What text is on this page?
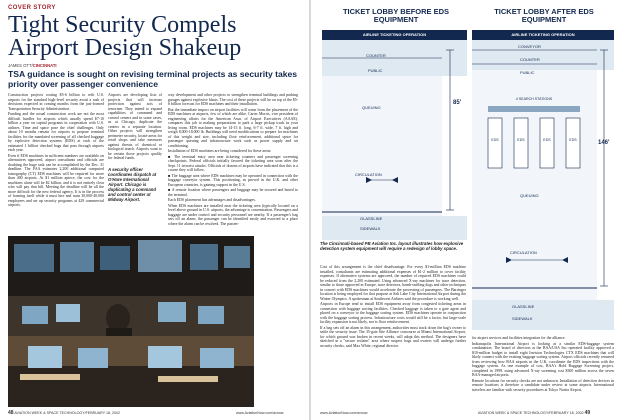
COVER STORY
Tight Security Compels Airport Design Shakeup
JAMES OTT/CINCINNATI

TSA guidance is sought on revising terminal projects as security takes priority over passenger convenience

Construction projects costing $5-6 billion to refit U.S. airports for the standard high-level security await a rash of decisions expected in coming months from the just-formed Transportation Security Administration.

Funding and the actual construction work are not the most difficult hurdles for airports which usually spend $7-10 billion a year on capital programs in cooperation with U.S. airlines. Time and space pose the chief challenges. Only about 10 months remain for airports to prepare terminal facilities for the mandated screening of all checked baggage by explosive detection systems (EDS) at each of the estimated 1 billion checked bags that pass through airports each year.

Even if EDS machines in sufficient numbers are available on alternatives approved, airport consultants and officials are doubting the huge task can be accomplished by the Dec. 31 deadline. The FAA estimates 2,200 additional computed tomography (CT) EDS machines will be required for more than 400 airports. At $1 million apiece, the cost for the machines alone will be $2 billion, and it is not entirely clear who will pay that bill. Meeting the deadline will be all the more difficult for the new federal agency. It is in the process of forming itself while it must hire and train 30,000-40,000 employees and set up security programs at 429 commercial airports.

Airports are developing lists of projects that will increase protection against acts of terrorism. They intend to expand capabilities of command and control centers and in some cases, as at Chicago, duplicate the centers in a separate location. Other projects will strengthen perimeter security, locate areas for retail shops and take measures against threats of chemical or biological attack. Airports want to be certain those projects qualify for federal funds.

A security officer coordinates dispatch at O'Hare International Airport. Chicago is duplicating a command and control center at Midway Airport.

way development and other projects to strengthen terminal buildings and parking garages against explosive blasts. The cost of these projects will be on top of the $5-6 billion forecast for EDS machines and their installation.

But the immediate impact on airport facilities will come from the placement of the EDS machines at airports, few of which are alike. Carter Morris, vice president of engineering affairs for the American Assn. of Airport Executives (AAAE), compares this job to making preparations to park a large pickup truck in your living room. EDS machines may be 14-15 ft. long, 6-7 ft. wide, 7 ft. high and weigh 8,000-18,000 lb. Buildings will need modifications to prepare for machines of this weight and size, including floor reinforcement, additional space for passenger queuing and infrastructure work such as power supply and air conditioning.

Installation of EDS machines are being considered for these areas:

■ The terminal entry area near ticketing counters and passenger screening checkpoints. Federal officials initially favored the ticketing area soon after the Sept. 11 terrorist attacks. Officials of dozens of airports have indicated that this is a course they will follow.

■ The baggage area where EDS machines may be operated in connection with the baggage conveyor system. This positioning, as proved in the U.K. and other European countries, is gaining support in the U.S.

■ A remote location where passengers and baggage may be secured and bused to the terminal.

Each EDS placement has advantages and disadvantages.

When EDS machines are installed near the ticketing area (typically located on a level above ground in U.S. airports, the advantage is concentration. Passengers and baggage are under control and security personnel are nearby. If a passenger's bag sets off an alarm, the passenger can be identified easily and escorted to a place where the alarm can be resolved. The passen-

48 AVIATION WEEK & SPACE TECHNOLOGY/FEBRUARY 18, 2002	www.AviationNow.com/avnow
TICKET LOBBY BEFORE EDS EQUIPMENT
AIRLINE TICKETING OPERATION
COUNTER
PUBLIC
QUEUING
CIRCULATION
GLASSLINE
SIDEWALK
85'

The Cincinnati-based PB Aviation Inc. layout illustrates how explosive detection system equipment will require a redesign of lobby space.

Cost of this arrangement is the chief disadvantage. For every $1-million EDS machine installed, consultants are estimating additional expenses of $1-2 million to cover facility expenses. If alternative systems are approved, the number of required EDS machines could be reduced from the 2,200 estimated. Using advanced X-ray machines for trace detection, similar to those approved in Europe, trace detectors, bomb-sniffing dogs and other techniques in concert with EDS machines would accelerate the processing of passengers. The Barringer location is being employed for that purpose at Salt Lake City International Airport during the Winter Olympics. A spokesman at Southwest Airlines said the procedure is working well.

Airports in Europe tend to install EDS equipment away from congested ticketing areas in connection with baggage sorting facilities. Checked baggage is taken to a gate agent and placed on a conveyor to the baggage sorting system. EDS machines operate in conjunction with the baggage sorting process. Infrastructure costs would still be a factor, but large-scale facility expansion is not likely, nor is floor reinforcement.

If a bag sets off an alarm in this arrangement, authorities must track down the bag's owner to settle the security issue. The 35-gate Site Alliance concourse at Miami International Airport, for which ground was broken in recent weeks, will adopt this method. The designers have sketched in a "secure reclaim" area where suspect bags and owners will undergo further security checks, said Max White, regional director

TICKET LOBBY AFTER EDS EQUIPMENT
AIRLINE TICKETING OPERATION
CONVEYOR
COUNTER
PUBLIC
4 SEARCH STATIONS
EDS	EDS	EDS	EDS
QUEUING
CIRCULATION
GLASSLINE
SIDEWALK
146'

for airport services and facilities integration for the alliance.

Indianapolis International Airport is looking at a similar EDS-baggage system combination. The board of directors at the BAA/USA Inc.-operated facility approved a $10-million budget to install eight Invision Technologies CTX EDS machines that will likely connect with the existing baggage sorting system. Airport officials recently returned from reviewing how BAA airports in the U.K. coordinate the EDS inspections with the baggage system. As one example of cost, BAA's Hold Baggage Screening project, completed in 1998, using advanced X-ray screening cost $300 million across the seven BAA-managed airports.

Remote locations for security checks are not unknown. Installation of detection devices in remote locations is therefore a candidate under review at some airports. International travelers are familiar with security procedures at Tokyo Narita Airport,

www.AviationNow.com/avnow	AVIATION WEEK & SPACE TECHNOLOGY/FEBRUARY 18, 2002 49
